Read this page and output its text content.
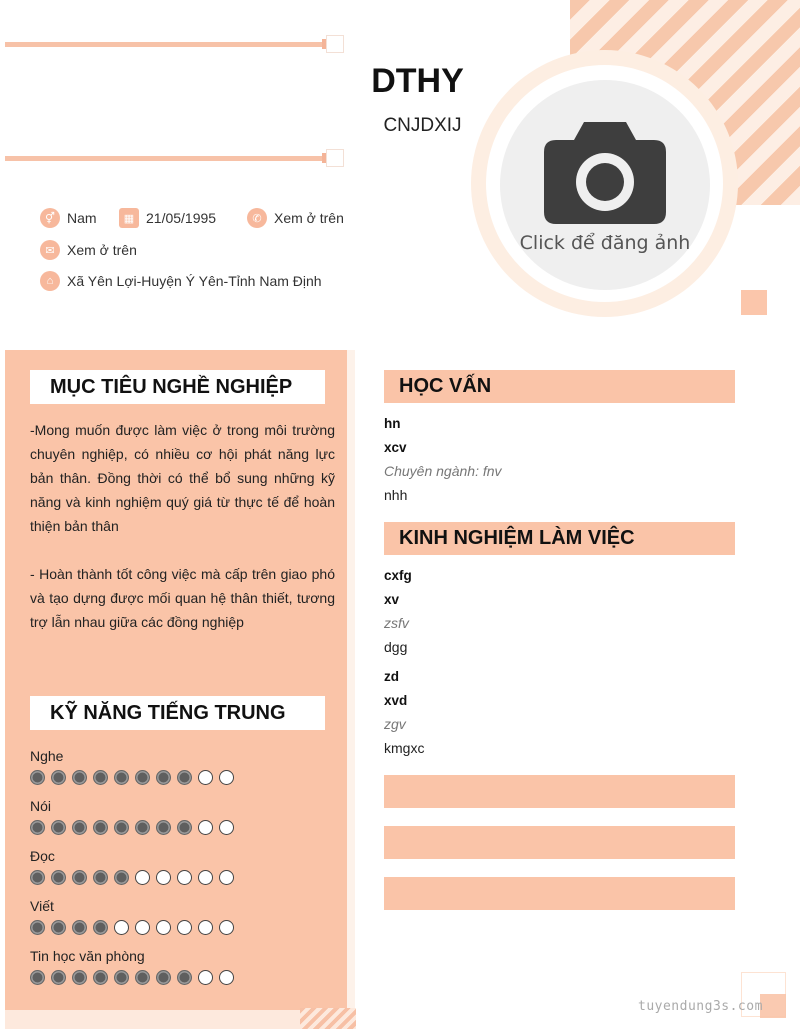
Click để đăng ảnh
DTHY
CNJDXIJ
⚥ Nam	▦ 21/05/1995	✆ Xem ở trên
✉ Xem ở trên
⌂ Xã Yên Lợi-Huyện Ý Yên-Tỉnh Nam Định
MỤC TIÊU NGHỀ NGHIỆP
-Mong muốn được làm việc ở trong môi trường chuyên nghiệp, có nhiều cơ hội phát năng lực bản thân. Đồng thời có thể bổ sung những kỹ năng và kinh nghiệm quý giá từ thực tế để hoàn thiện bản thân
- Hoàn thành tốt công việc mà cấp trên giao phó và tạo dựng được mối quan hệ thân thiết, tương trợ lẫn nhau giữa các đồng nghiệp
KỸ NĂNG TIẾNG TRUNG
Nghe
Nói
Đọc
Viết
Tin học văn phòng
HỌC VẤN
hn
xcv
Chuyên ngành: fnv
nhh
KINH NGHIỆM LÀM VIỆC
cxfg
xv
zsfv
dgg
zd
xvd
zgv
kmgxc
tuyendung3s.com
